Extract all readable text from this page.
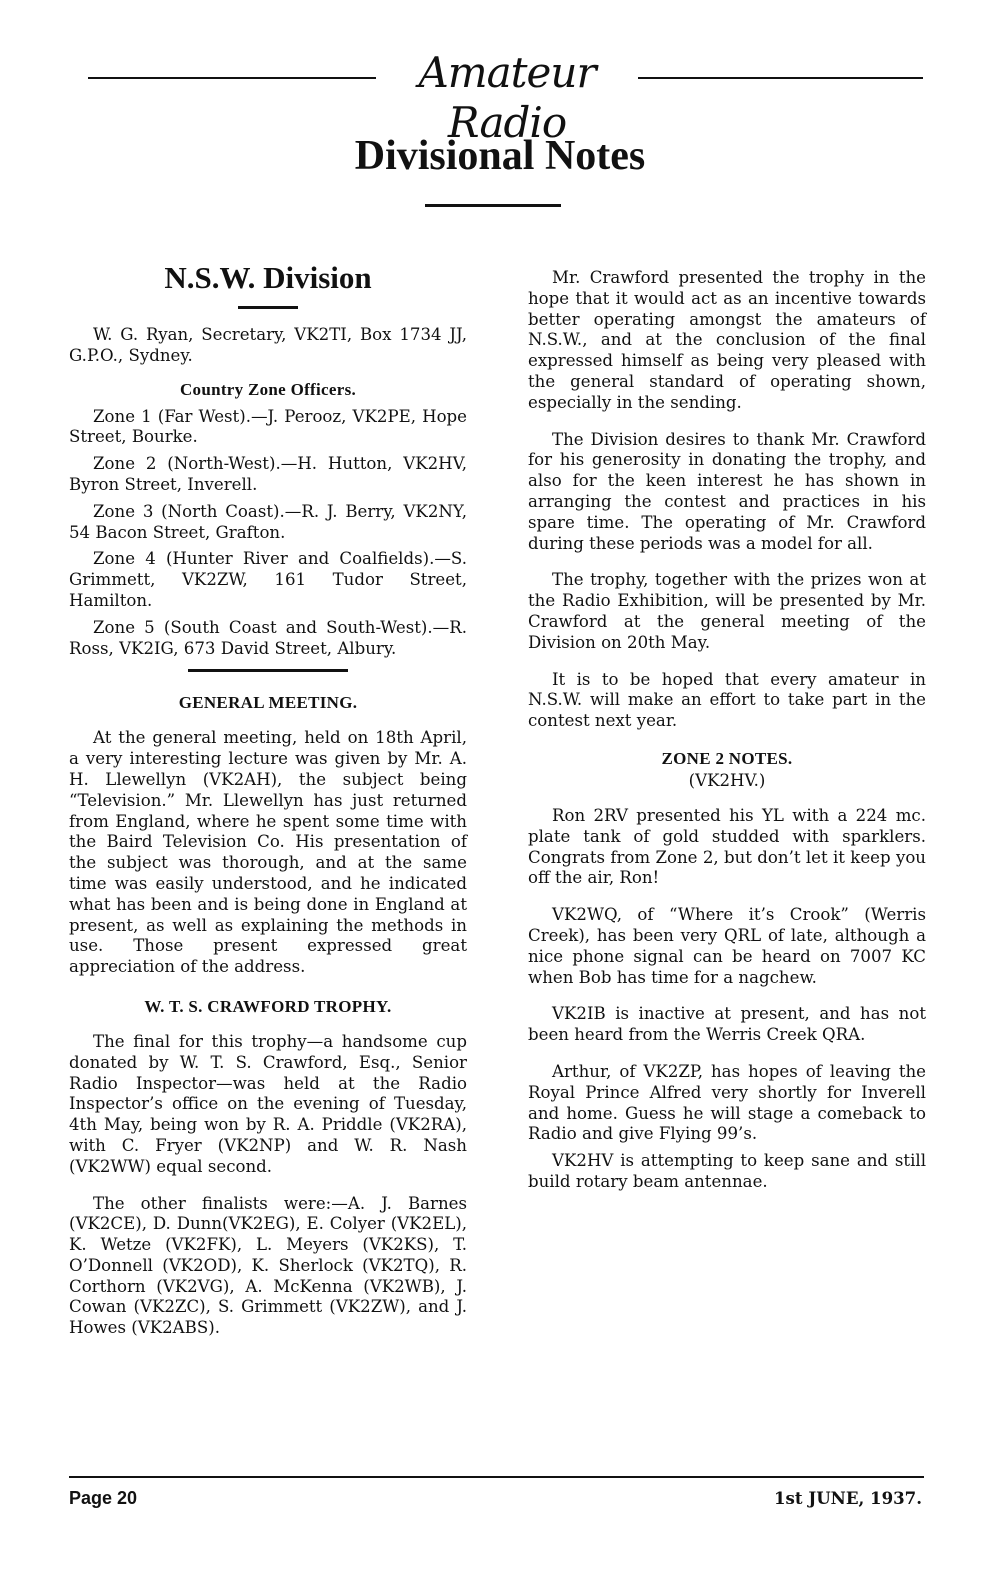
Amateur Radio
Divisional Notes
N.S.W. Division

W. G. Ryan, Secretary, VK2TI, Box 1734 JJ, G.P.O., Sydney.

Country Zone Officers.

Zone 1 (Far West).—J. Perooz, VK2PE, Hope Street, Bourke.

Zone 2 (North-West).—H. Hutton, VK2HV, Byron Street, Inverell.

Zone 3 (North Coast).—R. J. Berry, VK2NY, 54 Bacon Street, Grafton.

Zone 4 (Hunter River and Coalfields).—S. Grimmett, VK2ZW, 161 Tudor Street, Hamilton.

Zone 5 (South Coast and South-West).—R. Ross, VK2IG, 673 David Street, Albury.

GENERAL MEETING.

At the general meeting, held on 18th April, a very interesting lecture was given by Mr. A. H. Llewellyn (VK2AH), the subject being “Television.” Mr. Llewellyn has just returned from England, where he spent some time with the Baird Television Co. His presentation of the subject was thorough, and at the same time was easily understood, and he indicated what has been and is being done in England at present, as well as explaining the methods in use. Those present expressed great appreciation of the address.

W. T. S. CRAWFORD TROPHY.

The final for this trophy—a handsome cup donated by W. T. S. Crawford, Esq., Senior Radio Inspector—was held at the Radio Inspector’s office on the evening of Tuesday, 4th May, being won by R. A. Priddle (VK2RA), with C. Fryer (VK2NP) and W. R. Nash (VK2WW) equal second.

The other finalists were:—A. J. Barnes (VK2CE), D. Dunn(VK2EG), E. Colyer (VK2EL), K. Wetze (VK2FK), L. Meyers (VK2KS), T. O’Donnell (VK2OD), K. Sherlock (VK2TQ), R. Corthorn (VK2VG), A. McKenna (VK2WB), J. Cowan (VK2ZC), S. Grimmett (VK2ZW), and J. Howes (VK2ABS).

Mr. Crawford presented the trophy in the hope that it would act as an incentive towards better operating amongst the amateurs of N.S.W., and at the conclusion of the final expressed himself as being very pleased with the general standard of operating shown, especially in the sending.

The Division desires to thank Mr. Crawford for his generosity in donating the trophy, and also for the keen interest he has shown in arranging the contest and practices in his spare time. The operating of Mr. Crawford during these periods was a model for all.

The trophy, together with the prizes won at the Radio Exhibition, will be presented by Mr. Crawford at the general meeting of the Division on 20th May.

It is to be hoped that every amateur in N.S.W. will make an effort to take part in the contest next year.

ZONE 2 NOTES.
(VK2HV.)

Ron 2RV presented his YL with a 224 mc. plate tank of gold studded with sparklers. Congrats from Zone 2, but don’t let it keep you off the air, Ron!

VK2WQ, of “Where it’s Crook” (Werris Creek), has been very QRL of late, although a nice phone signal can be heard on 7007 KC when Bob has time for a nagchew.

VK2IB is inactive at present, and has not been heard from the Werris Creek QRA.

Arthur, of VK2ZP, has hopes of leaving the Royal Prince Alfred very shortly for Inverell and home. Guess he will stage a comeback to Radio and give Flying 99’s.

VK2HV is attempting to keep sane and still build rotary beam antennae.

Page 20	1st JUNE, 1937.
